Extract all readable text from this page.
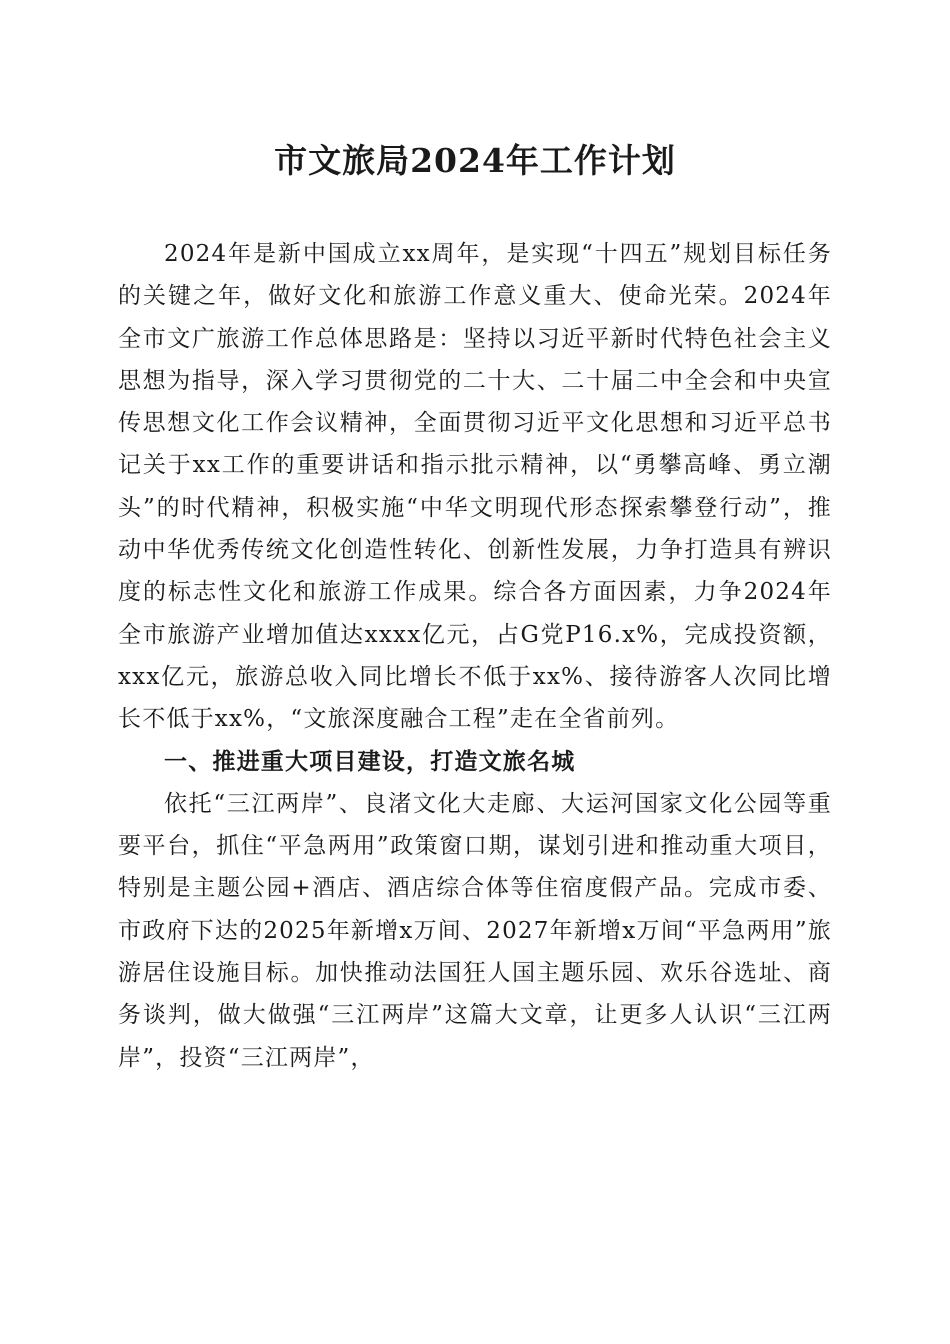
市文旅局2024年工作计划

2024年是新中国成立xx周年，是实现“十四五”规划目标任务的关键之年，做好文化和旅游工作意义重大、使命光荣。2024年全市文广旅游工作总体思路是：坚持以习近平新时代特色社会主义思想为指导，深入学习贯彻党的二十大、二十届二中全会和中央宣传思想文化工作会议精神，全面贯彻习近平文化思想和习近平总书记关于xx工作的重要讲话和指示批示精神，以“勇攀高峰、勇立潮头”的时代精神，积极实施“中华文明现代形态探索攀登行动”，推动中华优秀传统文化创造性转化、创新性发展，力争打造具有辨识度的标志性文化和旅游工作成果。综合各方面因素，力争2024年全市旅游产业增加值达xxxx亿元，占G党P16.x%，完成投资额，xxx亿元，旅游总收入同比增长不低于xx%、接待游客人次同比增长不低于xx%，“文旅深度融合工程”走在全省前列。

一、推进重大项目建设，打造文旅名城

依托“三江两岸”、良渚文化大走廊、大运河国家文化公园等重要平台，抓住“平急两用”政策窗口期，谋划引进和推动重大项目，特别是主题公园+酒店、酒店综合体等住宿度假产品。完成市委、市政府下达的2025年新增x万间、2027年新增x万间“平急两用”旅游居住设施目标。加快推动法国狂人国主题乐园、欢乐谷选址、商务谈判，做大做强“三江两岸”这篇大文章，让更多人认识“三江两岸”，投资“三江两岸”，
